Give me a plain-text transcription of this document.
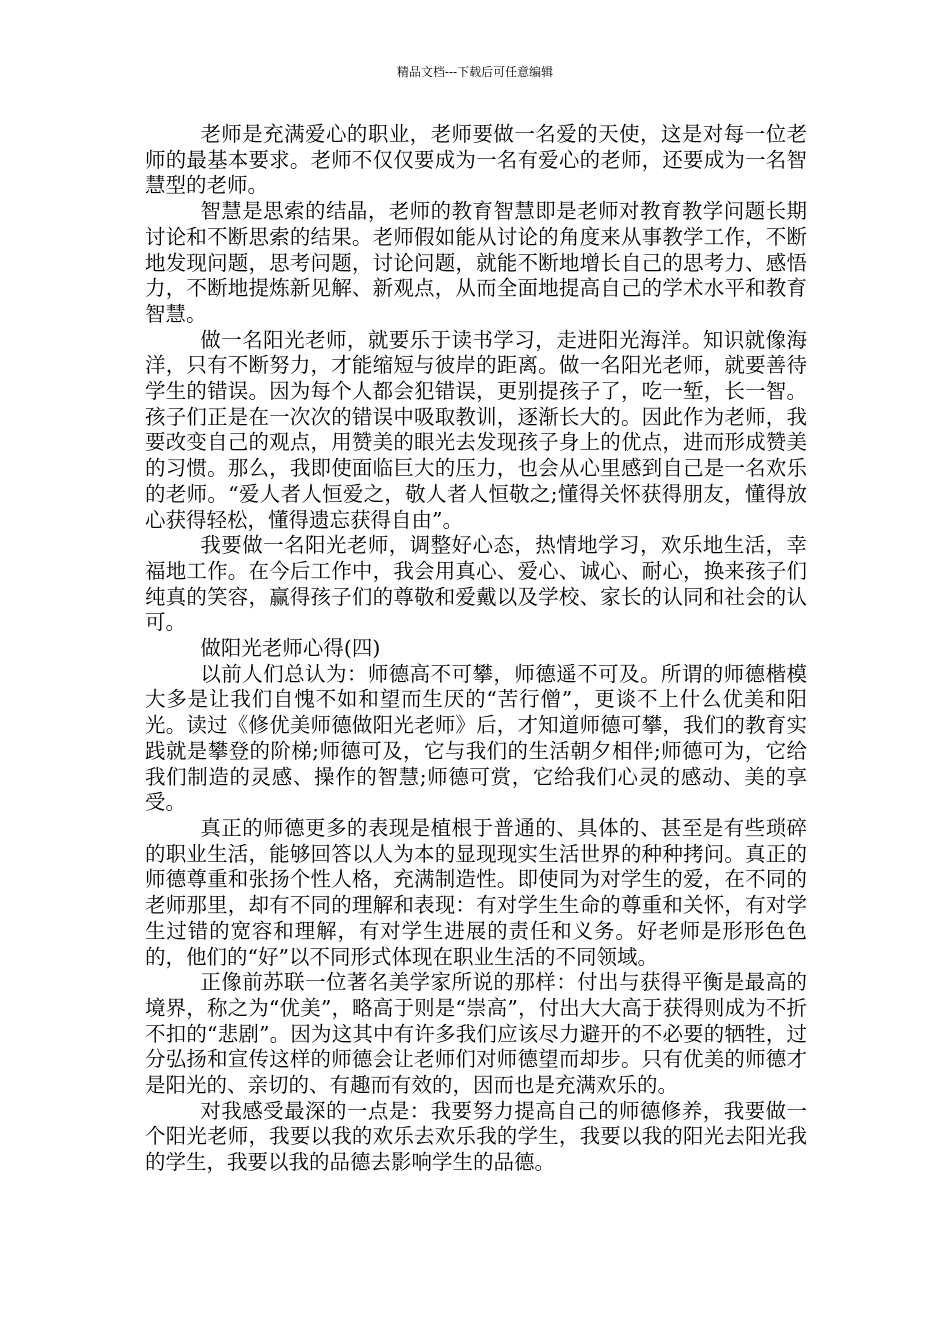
精品文档---下载后可任意编辑

老师是充满爱心的职业，老师要做一名爱的天使，这是对每一位老师的最基本要求。老师不仅仅要成为一名有爱心的老师，还要成为一名智慧型的老师。

智慧是思索的结晶，老师的教育智慧即是老师对教育教学问题长期讨论和不断思索的结果。老师假如能从讨论的角度来从事教学工作，不断地发现问题，思考问题，讨论问题，就能不断地增长自己的思考力、感悟力，不断地提炼新见解、新观点，从而全面地提高自己的学术水平和教育智慧。

做一名阳光老师，就要乐于读书学习，走进阳光海洋。知识就像海洋，只有不断努力，才能缩短与彼岸的距离。做一名阳光老师，就要善待学生的错误。因为每个人都会犯错误，更别提孩子了，吃一堑，长一智。孩子们正是在一次次的错误中吸取教训，逐渐长大的。因此作为老师，我要改变自己的观点，用赞美的眼光去发现孩子身上的优点，进而形成赞美的习惯。那么，我即使面临巨大的压力，也会从心里感到自己是一名欢乐的老师。“爱人者人恒爱之，敬人者人恒敬之;懂得关怀获得朋友，懂得放心获得轻松，懂得遗忘获得自由”。

我要做一名阳光老师，调整好心态，热情地学习，欢乐地生活，幸福地工作。在今后工作中，我会用真心、爱心、诚心、耐心，换来孩子们纯真的笑容，赢得孩子们的尊敬和爱戴以及学校、家长的认同和社会的认可。

做阳光老师心得(四)

以前人们总认为：师德高不可攀，师德遥不可及。所谓的师德楷模大多是让我们自愧不如和望而生厌的“苦行僧”，更谈不上什么优美和阳光。读过《修优美师德做阳光老师》后，才知道师德可攀，我们的教育实践就是攀登的阶梯;师德可及，它与我们的生活朝夕相伴;师德可为，它给我们制造的灵感、操作的智慧;师德可赏，它给我们心灵的感动、美的享受。

真正的师德更多的表现是植根于普通的、具体的、甚至是有些琐碎的职业生活，能够回答以人为本的显现现实生活世界的种种拷问。真正的师德尊重和张扬个性人格，充满制造性。即使同为对学生的爱，在不同的老师那里，却有不同的理解和表现：有对学生生命的尊重和关怀，有对学生过错的宽容和理解，有对学生进展的责任和义务。好老师是形形色色的，他们的“好”以不同形式体现在职业生活的不同领域。

正像前苏联一位著名美学家所说的那样：付出与获得平衡是最高的境界，称之为“优美”，略高于则是“崇高”，付出大大高于获得则成为不折不扣的“悲剧”。因为这其中有许多我们应该尽力避开的不必要的牺牲，过分弘扬和宣传这样的师德会让老师们对师德望而却步。只有优美的师德才是阳光的、亲切的、有趣而有效的，因而也是充满欢乐的。

对我感受最深的一点是：我要努力提高自己的师德修养，我要做一个阳光老师，我要以我的欢乐去欢乐我的学生，我要以我的阳光去阳光我的学生，我要以我的品德去影响学生的品德。
